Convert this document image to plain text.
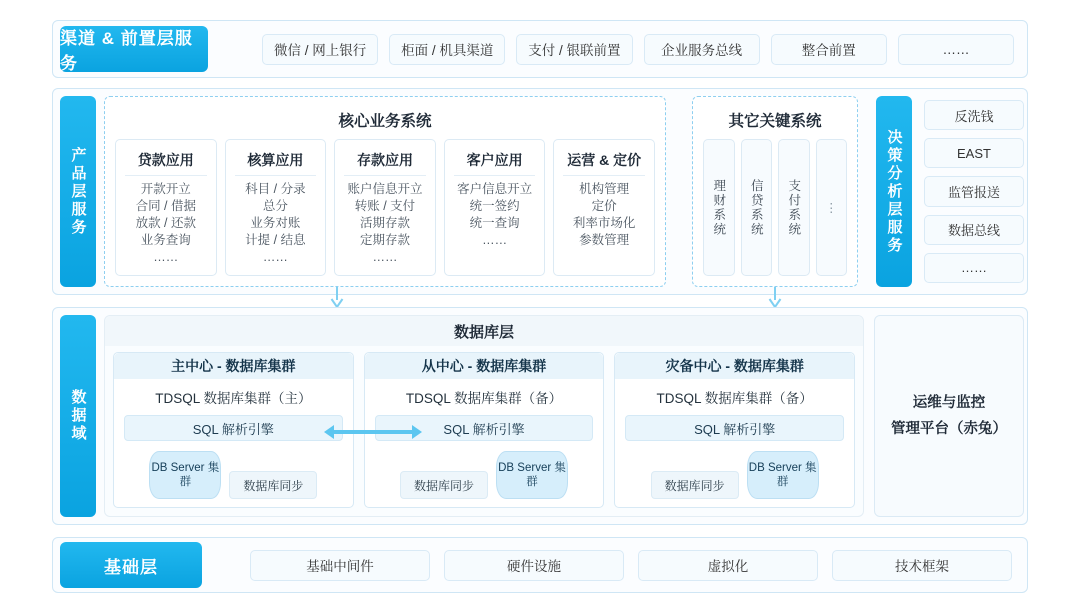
渠道 & 前置层服务
微信 / 网上银行	柜面 / 机具渠道	支付 / 银联前置	企业服务总线	整合前置	……
产品层服务
核心业务系统
贷款应用
开款开立
合同 / 借据
放款 / 还款
业务查询
……
核算应用
科目 / 分录
总分
业务对账
计提 / 结息
……
存款应用
账户信息开立
转账 / 支付
活期存款
定期存款
……
客户应用
客户信息开立
统一签约
统一查询
……
运营 & 定价
机构管理
定价
利率市场化
参数管理
其它关键系统
理财系统 信贷系统 支付系统 ⋮	决策分析层服务
反洗钱
EAST
监管报送
数据总线
……
数据域
数据库层
主中心 - 数据库集群
TDSQL 数据库集群（主）
SQL 解析引擎
DB Server 集群	数据库同步
从中心 - 数据库集群
TDSQL 数据库集群（备）
SQL 解析引擎
数据库同步
DB Server 集群
灾备中心 - 数据库集群
TDSQL 数据库集群（备）
SQL 解析引擎
数据库同步
DB Server 集群
运维与监控
管理平台（赤兔）
基础层	基础中间件	硬件设施	虚拟化	技术框架
